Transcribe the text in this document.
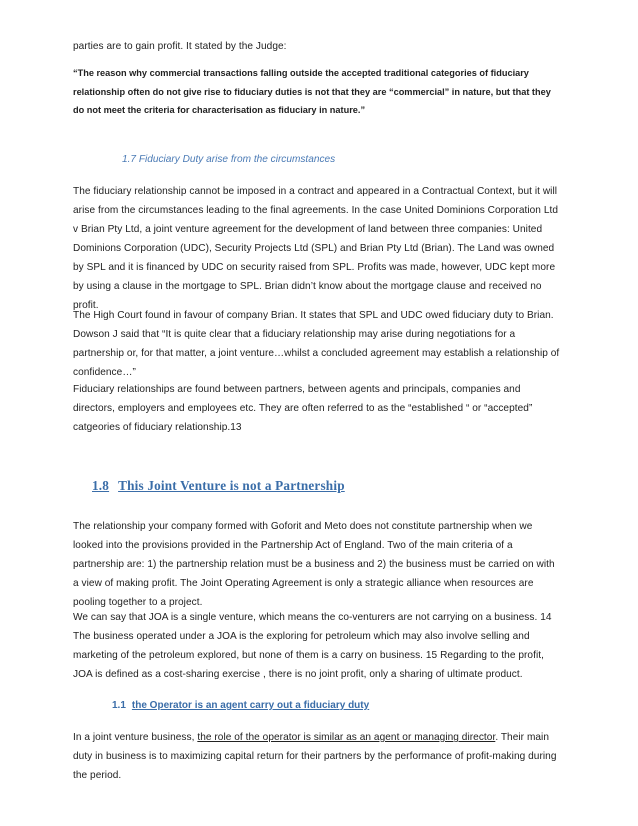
parties are to gain profit. It stated by the Judge:

“The reason why commercial transactions falling outside the accepted traditional categories of fiduciary relationship often do not give rise to fiduciary duties is not that they are “commercial” in nature, but that they do not meet the criteria for characterisation as fiduciary in nature.”

1.7 Fiduciary Duty arise from the circumstances

The fiduciary relationship cannot be imposed in a contract and appeared in a Contractual Context, but it will arise from the circumstances leading to the final agreements. In the case United Dominions Corporation Ltd v Brian Pty Ltd, a joint venture agreement for the development of land between three companies: United Dominions Corporation (UDC), Security Projects Ltd (SPL) and Brian Pty Ltd (Brian). The Land was owned by SPL and it is financed by UDC on security raised from SPL. Profits was made, however, UDC kept more by using a clause in the mortgage to SPL. Brian didn’t know about the mortgage clause and received no profit.

The High Court found in favour of company Brian. It states that SPL and UDC owed fiduciary duty to Brian. Dowson J said that “It is quite clear that a fiduciary relationship may arise during negotiations for a partnership or, for that matter, a joint venture…whilst a concluded agreement may establish a relationship of confidence…”

Fiduciary relationships are found between partners, between agents and principals, companies and directors, employers and employees etc. They are often referred to as the “established “ or “accepted” catgeories of fiduciary relationship.13

1.8 This Joint Venture is not a Partnership

The relationship your company formed with Goforit and Meto does not constitute partnership when we looked into the provisions provided in the Partnership Act of England. Two of the main criteria of a partnership are: 1) the partnership relation must be a business and 2) the business must be carried on with a view of making profit. The Joint Operating Agreement is only a strategic alliance when resources are pooling together to a project.

We can say that JOA is a single venture, which means the co-venturers are not carrying on a business. 14 The business operated under a JOA is the exploring for petroleum which may also involve selling and marketing of the petroleum explored, but none of them is a carry on business. 15 Regarding to the profit, JOA is defined as a cost-sharing exercise , there is no joint profit, only a sharing of ultimate product.

1.1 the Operator is an agent carry out a fiduciary duty

In a joint venture business, the role of the operator is similar as an agent or managing director. Their main duty in business is to maximizing capital return for their partners by the performance of profit-making during the period.
